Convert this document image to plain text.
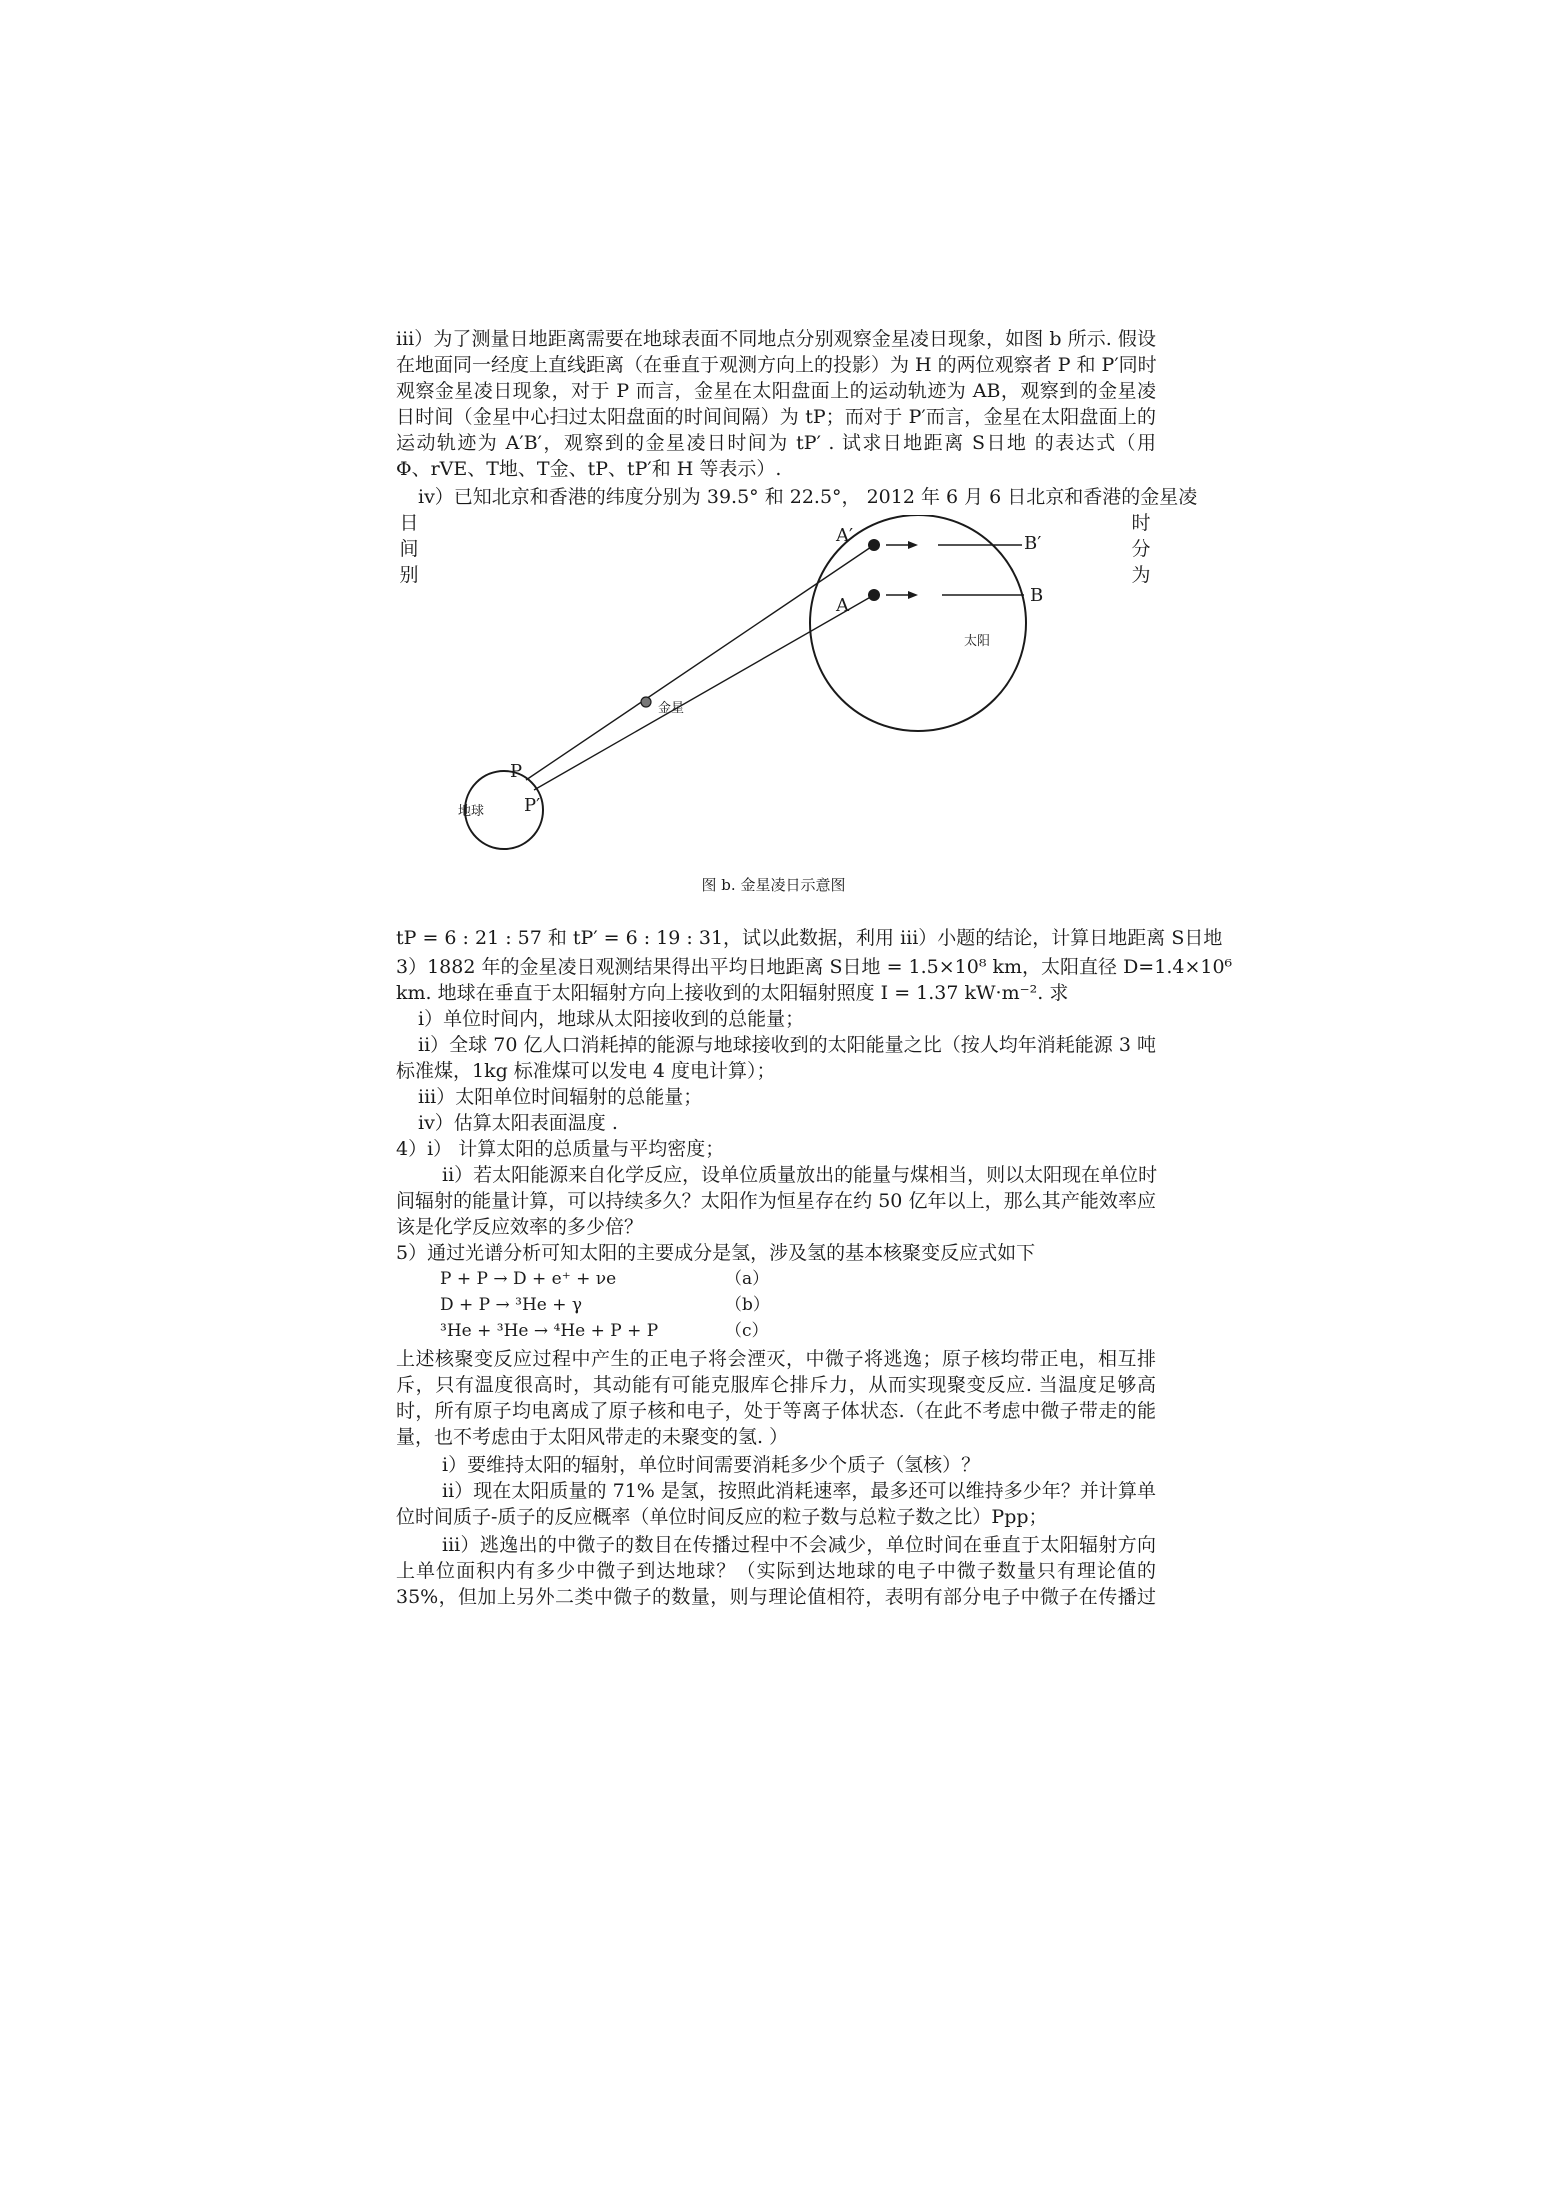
iii）为了测量日地距离需要在地球表面不同地点分别观察金星凌日现象，如图 b 所示. 假设
在地面同一经度上直线距离（在垂直于观测方向上的投影）为 H 的两位观察者 P 和 P′同时
观察金星凌日现象，对于 P 而言，金星在太阳盘面上的运动轨迹为 AB，观察到的金星凌
日时间（金星中心扫过太阳盘面的时间间隔）为 tP；而对于 P′而言，金星在太阳盘面上的
运动轨迹为 A′B′，观察到的金星凌日时间为 tP′ . 试求日地距离 S日地 的表达式（用
Φ、rVE、T地、T金、tP、tP′和 H 等表示）.
iv）已知北京和香港的纬度分别为 39.5° 和 22.5°， 2012 年 6 月 6 日北京和香港的金星凌
日
间
别
时
分
为
A′	B′
A	B
太阳
金星
P
P′
地球
图 b. 金星凌日示意图
tP = 6 : 21 : 57 和 tP′ = 6 : 19 : 31，试以此数据，利用 iii）小题的结论，计算日地距离 S日地
3）1882 年的金星凌日观测结果得出平均日地距离 S日地 = 1.5×10⁸ km，太阳直径 D=1.4×10⁶
km. 地球在垂直于太阳辐射方向上接收到的太阳辐射照度 I = 1.37 kW·m⁻². 求
i）单位时间内，地球从太阳接收到的总能量；
ii）全球 70 亿人口消耗掉的能源与地球接收到的太阳能量之比（按人均年消耗能源 3 吨
标准煤，1kg 标准煤可以发电 4 度电计算）；
iii）太阳单位时间辐射的总能量；
iv）估算太阳表面温度 .
4）i） 计算太阳的总质量与平均密度；
ii）若太阳能源来自化学反应，设单位质量放出的能量与煤相当，则以太阳现在单位时
间辐射的能量计算，可以持续多久？太阳作为恒星存在约 50 亿年以上，那么其产能效率应
该是化学反应效率的多少倍？
5）通过光谱分析可知太阳的主要成分是氢，涉及氢的基本核聚变反应式如下
P + P → D + e⁺ + νe	（a）
D + P → ³He + γ	（b）
³He + ³He → ⁴He + P + P	（c）
上述核聚变反应过程中产生的正电子将会湮灭，中微子将逃逸；原子核均带正电，相互排
斥，只有温度很高时，其动能有可能克服库仑排斥力，从而实现聚变反应. 当温度足够高
时，所有原子均电离成了原子核和电子，处于等离子体状态.（在此不考虑中微子带走的能
量，也不考虑由于太阳风带走的未聚变的氢. ）
i）要维持太阳的辐射，单位时间需要消耗多少个质子（氢核）？
ii）现在太阳质量的 71% 是氢，按照此消耗速率，最多还可以维持多少年？并计算单
位时间质子-质子的反应概率（单位时间反应的粒子数与总粒子数之比）Ppp；
iii）逃逸出的中微子的数目在传播过程中不会减少，单位时间在垂直于太阳辐射方向
上单位面积内有多少中微子到达地球？（实际到达地球的电子中微子数量只有理论值的
35%，但加上另外二类中微子的数量，则与理论值相符，表明有部分电子中微子在传播过
